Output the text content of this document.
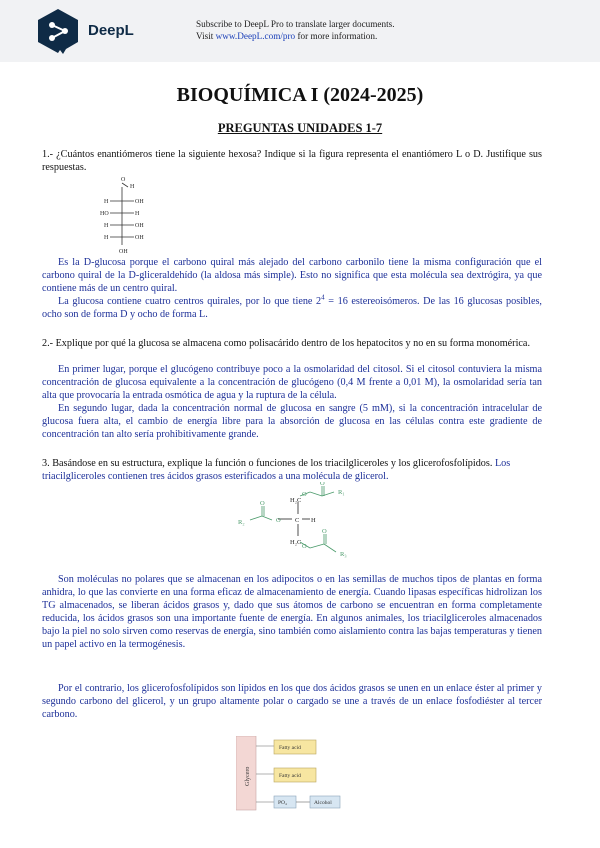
DeepL	Subscribe to DeepL Pro to translate larger documents.
Visit www.DeepL.com/pro for more information.
BIOQUÍMICA I (2024-2025)
PREGUNTAS UNIDADES 1-7

1.- ¿Cuántos enantiómeros tiene la siguiente hexosa? Indique si la figura representa el enantiómero L o D. Justifique sus respuestas.

O
H
H	OH
HO	H
H	OH
H	OH
OH

Es la D-glucosa porque el carbono quiral más alejado del carbono carbonilo tiene la misma configuración que el carbono quiral de la D-gliceraldehído (la aldosa más simple). Esto no significa que esta molécula sea dextrógira, ya que contiene más de un centro quiral.

La glucosa contiene cuatro centros quirales, por lo que tiene $2^4 = 16$ estereoisómeros. De las 16 glucosas posibles, ocho son de forma D y ocho de forma L.

2.- Explique por qué la glucosa se almacena como polisacárido dentro de los hepatocitos y no en su forma monomérica.

En primer lugar, porque el glucógeno contribuye poco a la osmolaridad del citosol. Si el citosol contuviera la misma concentración de glucosa equivalente a la concentración de glucógeno (0,4 M frente a 0,01 M), la osmolaridad sería tan alta que provocaría la entrada osmótica de agua y la ruptura de la célula.

En segundo lugar, dada la concentración normal de glucosa en sangre (5 mM), si la concentración intracelular de glucosa fuera alta, el cambio de energía libre para la absorción de glucosa en las células contra este gradiente de concentración tan alto sería prohibitivamente grande.

3. Basándose en su estructura, explique la función o funciones de los triacilgliceroles y los glicerofosfolípidos. Los triacilgliceroles contienen tres ácidos grasos esterificados a una molécula de glicerol.

H₂C
C H
H₂C
R₁
R₂
R₃
O
O
O
O
O
O

Son moléculas no polares que se almacenan en los adipocitos o en las semillas de muchos tipos de plantas en forma anhidra, lo que las convierte en una forma eficaz de almacenamiento de energía. Cuando lipasas específicas hidrolizan los TG almacenados, se liberan ácidos grasos y, dado que sus átomos de carbono se encuentran en forma completamente reducida, los ácidos grasos son una importante fuente de energía. En algunos animales, los triacilgliceroles almacenados bajo la piel no solo sirven como reservas de energía, sino también como aislamiento contra las bajas temperaturas y tienen un papel activo en la termogénesis.

Por el contrario, los glicerofosfolípidos son lípidos en los que dos ácidos grasos se unen en un enlace éster al primer y segundo carbono del glicerol, y un grupo altamente polar o cargado se une a través de un enlace fosfodiéster al tercer carbono.

Glycero
Fatty acid
Fatty acid
PO₄	Alcohol
